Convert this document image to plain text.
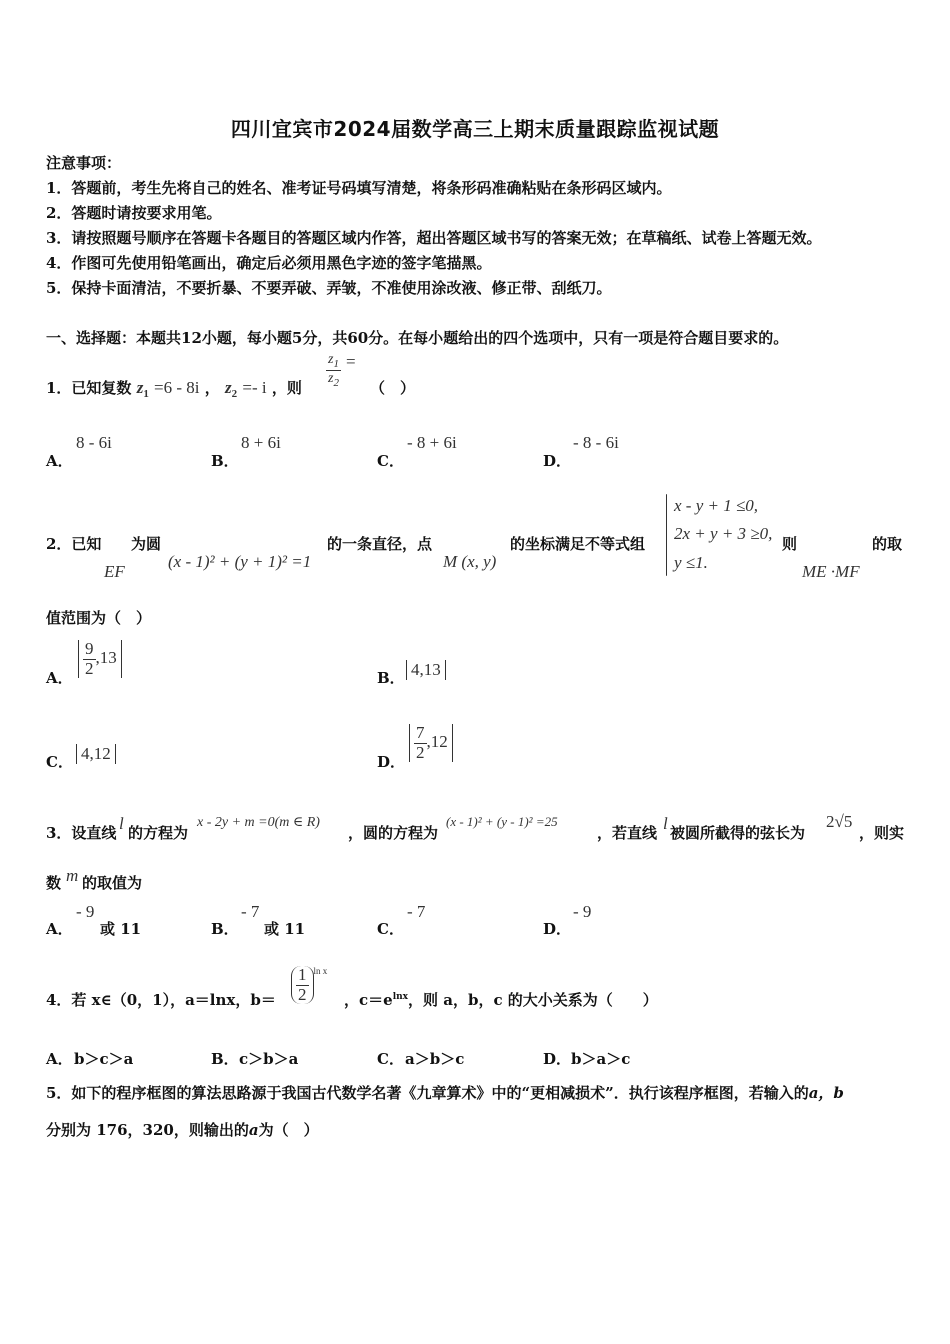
四川宜宾市2024届数学高三上期末质量跟踪监视试题
注意事项：
1．答题前，考生先将自己的姓名、准考证号码填写清楚，将条形码准确粘贴在条形码区域内。
2．答题时请按要求用笔。
3．请按照题号顺序在答题卡各题目的答题区域内作答，超出答题区域书写的答案无效；在草稿纸、试卷上答题无效。
4．作图可先使用铅笔画出，确定后必须用黑色字迹的签字笔描黑。
5．保持卡面清洁，不要折暴、不要弄破、弄皱，不准使用涂改液、修正带、刮纸刀。
一、选择题：本题共12小题，每小题5分，共60分。在每小题给出的四个选项中，只有一项是符合题目要求的。
1．已知复数 $z_1 =6 - 8i$ ， $z_2 =- i$ ，则 $\frac{z_1}{z_2}$ =
（　）
A．
8 - 6i
B．
8 + 6i
C．
- 8 + 6i
D．
- 8 - 6i
2．已知 为圆	的一条直径，点	的坐标满足不等式组	则	的取
EF
(x - 1)² + (y + 1)² =1	M (x, y)
x - y + 1 ≤0,
2x + y + 3 ≥0,
y ≤1.	ME ·MF
值范围为（　）
A． $\frac{9}{2} ,13$
B． 4,13
C． 4,12	D． $\frac{7}{2} ,12$
3．设直线 l 的方程为
x - 2y + m =0(m ∈ R)
，圆的方程为
(x - 1)² + (y - 1)² =25
，若直线 l 被圆所截得的弦长为
2√5
，则实
数 m 的取值为
A．
- 9
或 11	B．
- 7
或 11	C．
- 7
D．
- 9
4．若 x∈（0，1），a＝lnx，$b= \frac{1}{2} ^{ln x}$
，$c=e^{lnx}$，则 a，b，c 的大小关系为（　　）
A． b＞c＞a	B． c＞b＞a	C． a＞b＞c	D． b＞a＞c
5．如下的程序框图的算法思路源于我国古代数学名著《九章算术》中的“更相减损术”．执行该程序框图，若输入的a，b
分别为 176，320，则输出的a为（　）
